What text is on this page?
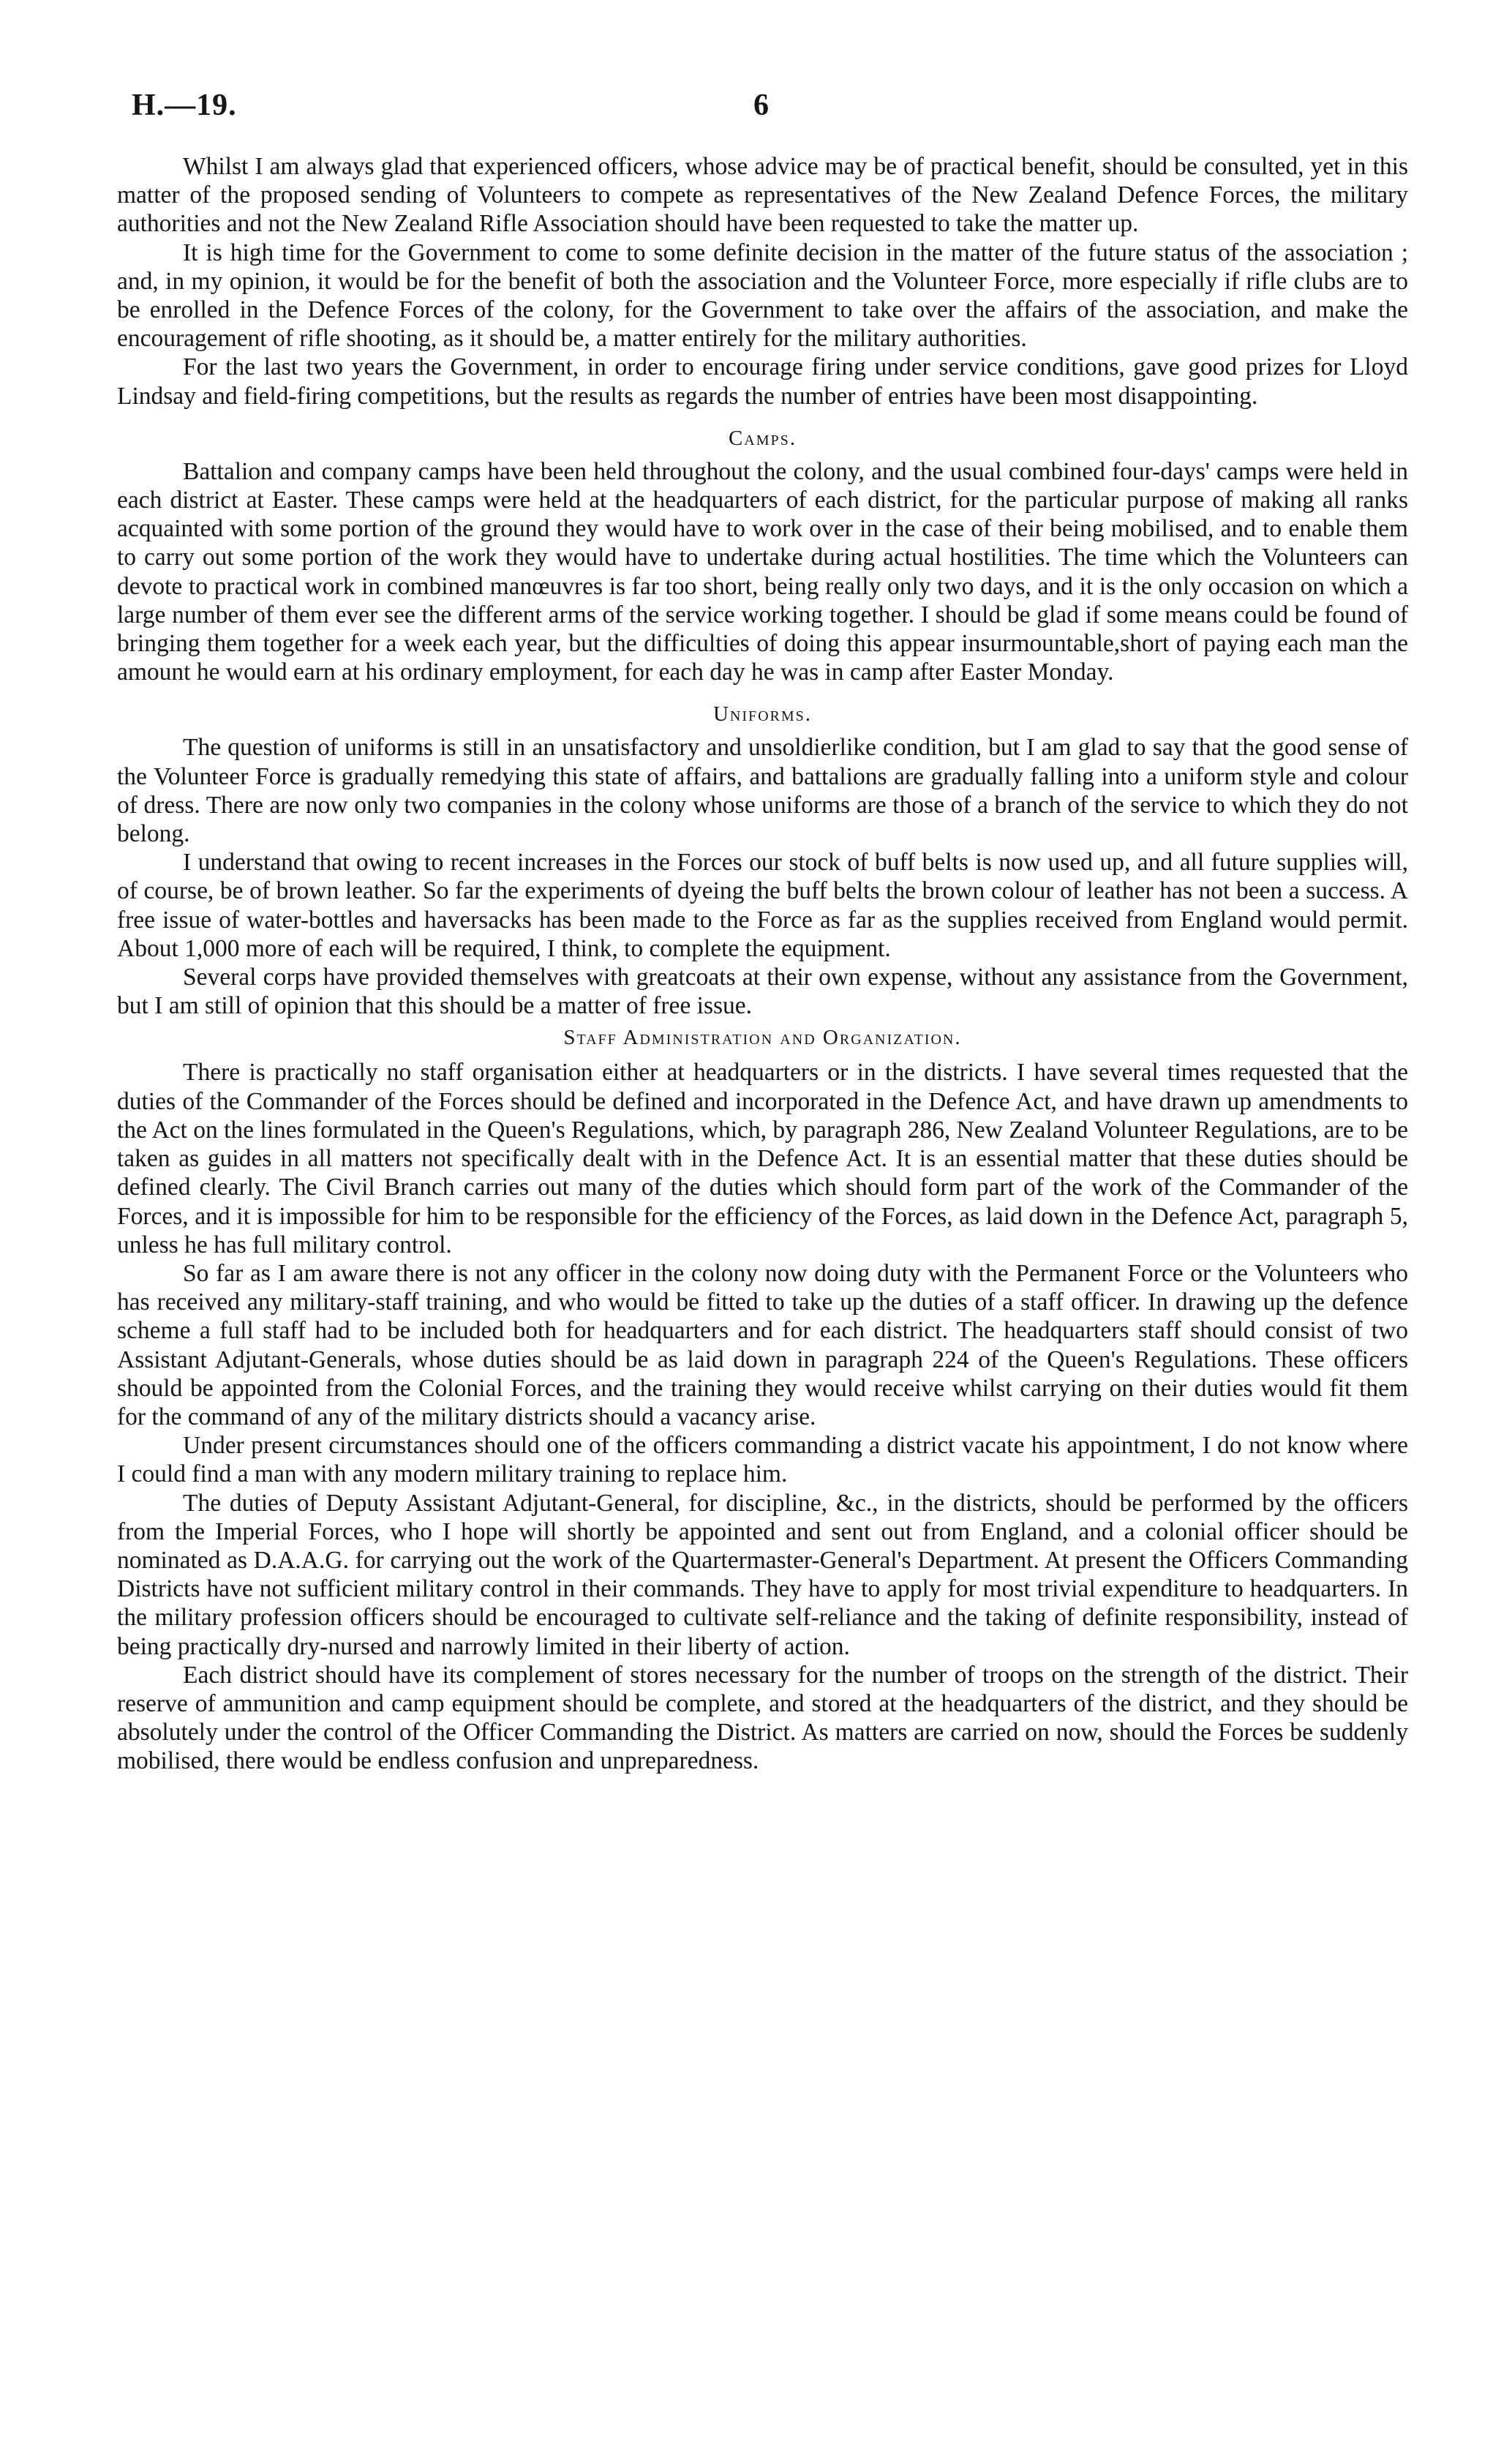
H.—19.	6

Whilst I am always glad that experienced officers, whose advice may be of practical benefit, should be consulted, yet in this matter of the proposed sending of Volunteers to compete as representatives of the New Zealand Defence Forces, the military authorities and not the New Zealand Rifle Association should have been requested to take the matter up.

It is high time for the Government to come to some definite decision in the matter of the future status of the association ; and, in my opinion, it would be for the benefit of both the association and the Volunteer Force, more especially if rifle clubs are to be enrolled in the Defence Forces of the colony, for the Government to take over the affairs of the association, and make the encouragement of rifle shooting, as it should be, a matter entirely for the military authorities.

For the last two years the Government, in order to encourage firing under service conditions, gave good prizes for Lloyd Lindsay and field-firing competitions, but the results as regards the number of entries have been most disappointing.

Camps.

Battalion and company camps have been held throughout the colony, and the usual combined four-days' camps were held in each district at Easter. These camps were held at the headquarters of each district, for the particular purpose of making all ranks acquainted with some portion of the ground they would have to work over in the case of their being mobilised, and to enable them to carry out some portion of the work they would have to undertake during actual hostilities. The time which the Volunteers can devote to practical work in combined manœuvres is far too short, being really only two days, and it is the only occasion on which a large number of them ever see the different arms of the service working together. I should be glad if some means could be found of bringing them together for a week each year, but the difficulties of doing this appear insurmountable,short of paying each man the amount he would earn at his ordinary employment, for each day he was in camp after Easter Monday.

Uniforms.

The question of uniforms is still in an unsatisfactory and unsoldierlike condition, but I am glad to say that the good sense of the Volunteer Force is gradually remedying this state of affairs, and battalions are gradually falling into a uniform style and colour of dress. There are now only two companies in the colony whose uniforms are those of a branch of the service to which they do not belong.

I understand that owing to recent increases in the Forces our stock of buff belts is now used up, and all future supplies will, of course, be of brown leather. So far the experiments of dyeing the buff belts the brown colour of leather has not been a success. A free issue of water-bottles and haversacks has been made to the Force as far as the supplies received from England would permit. About 1,000 more of each will be required, I think, to complete the equipment.

Several corps have provided themselves with greatcoats at their own expense, without any assistance from the Government, but I am still of opinion that this should be a matter of free issue.

Staff Administration and Organization.

There is practically no staff organisation either at headquarters or in the districts. I have several times requested that the duties of the Commander of the Forces should be defined and incorporated in the Defence Act, and have drawn up amendments to the Act on the lines formulated in the Queen's Regulations, which, by paragraph 286, New Zealand Volunteer Regulations, are to be taken as guides in all matters not specifically dealt with in the Defence Act. It is an essential matter that these duties should be defined clearly. The Civil Branch carries out many of the duties which should form part of the work of the Commander of the Forces, and it is impossible for him to be responsible for the efficiency of the Forces, as laid down in the Defence Act, paragraph 5, unless he has full military control.

So far as I am aware there is not any officer in the colony now doing duty with the Permanent Force or the Volunteers who has received any military-staff training, and who would be fitted to take up the duties of a staff officer. In drawing up the defence scheme a full staff had to be included both for headquarters and for each district. The headquarters staff should consist of two Assistant Adjutant-Generals, whose duties should be as laid down in paragraph 224 of the Queen's Regulations. These officers should be appointed from the Colonial Forces, and the training they would receive whilst carrying on their duties would fit them for the command of any of the military districts should a vacancy arise.

Under present circumstances should one of the officers commanding a district vacate his appointment, I do not know where I could find a man with any modern military training to replace him.

The duties of Deputy Assistant Adjutant-General, for discipline, &c., in the districts, should be performed by the officers from the Imperial Forces, who I hope will shortly be appointed and sent out from England, and a colonial officer should be nominated as D.A.A.G. for carrying out the work of the Quartermaster-General's Department. At present the Officers Commanding Districts have not sufficient military control in their commands. They have to apply for most trivial expenditure to headquarters. In the military profession officers should be encouraged to cultivate self-reliance and the taking of definite responsibility, instead of being practically dry-nursed and narrowly limited in their liberty of action.

Each district should have its complement of stores necessary for the number of troops on the strength of the district. Their reserve of ammunition and camp equipment should be complete, and stored at the headquarters of the district, and they should be absolutely under the control of the Officer Commanding the District. As matters are carried on now, should the Forces be suddenly mobilised, there would be endless confusion and unpreparedness.
